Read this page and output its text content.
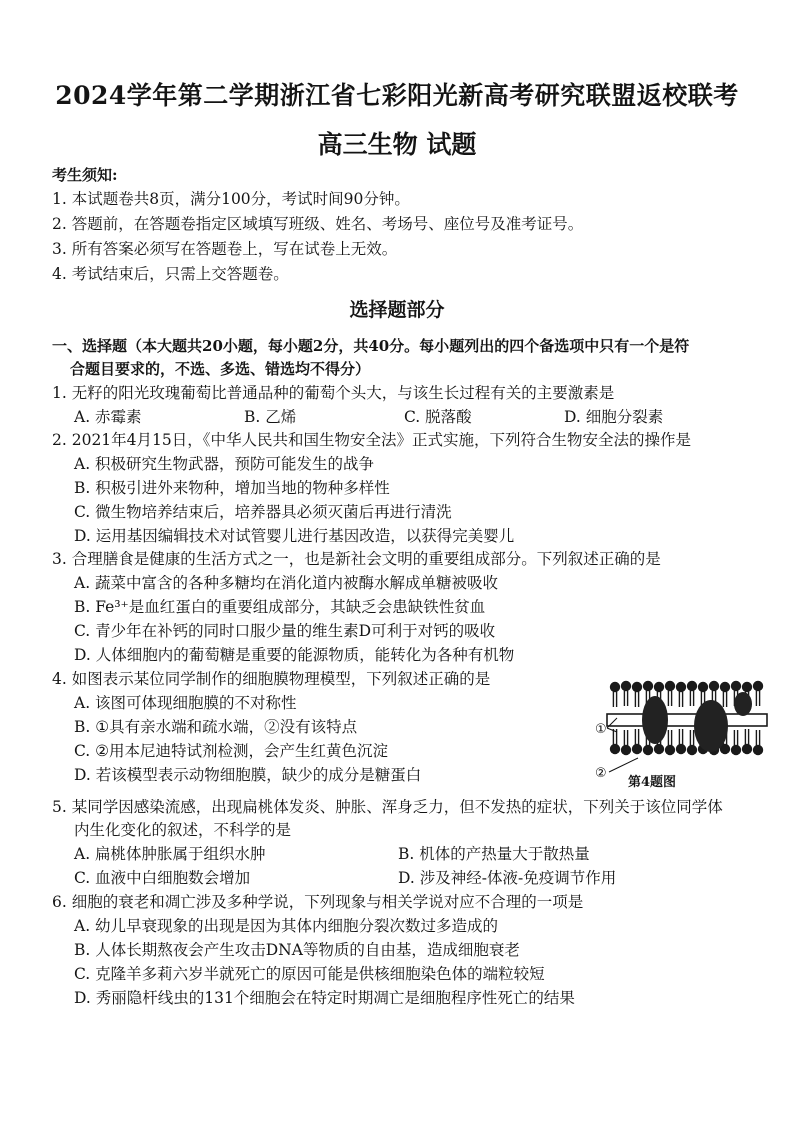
2024学年第二学期浙江省七彩阳光新高考研究联盟返校联考
高三生物 试题
考生须知:
1. 本试题卷共8页，满分100分，考试时间90分钟。
2. 答题前，在答题卷指定区域填写班级、姓名、考场号、座位号及准考证号。
3. 所有答案必须写在答题卷上，写在试卷上无效。
4. 考试结束后，只需上交答题卷。
选择题部分
一、选择题（本大题共20小题，每小题2分，共40分。每小题列出的四个备选项中只有一个是符
合题目要求的，不选、多选、错选均不得分）
1. 无籽的阳光玫瑰葡萄比普通品种的葡萄个头大，与该生长过程有关的主要激素是
A. 赤霉素	B. 乙烯	C. 脱落酸	D. 细胞分裂素
2. 2021年4月15日，《中华人民共和国生物安全法》正式实施，下列符合生物安全法的操作是
A. 积极研究生物武器，预防可能发生的战争
B. 积极引进外来物种，增加当地的物种多样性
C. 微生物培养结束后，培养器具必须灭菌后再进行清洗
D. 运用基因编辑技术对试管婴儿进行基因改造，以获得完美婴儿
3. 合理膳食是健康的生活方式之一，也是新社会文明的重要组成部分。下列叙述正确的是
A. 蔬菜中富含的各种多糖均在消化道内被酶水解成单糖被吸收
B. Fe³⁺是血红蛋白的重要组成部分，其缺乏会患缺铁性贫血
C. 青少年在补钙的同时口服少量的维生素D可利于对钙的吸收
D. 人体细胞内的葡萄糖是重要的能源物质，能转化为各种有机物
4. 如图表示某位同学制作的细胞膜物理模型，下列叙述正确的是
A. 该图可体现细胞膜的不对称性
B. ①具有亲水端和疏水端，②没有该特点
C. ②用本尼迪特试剂检测，会产生红黄色沉淀
D. 若该模型表示动物细胞膜，缺少的成分是糖蛋白
①
②
第4题图
5. 某同学因感染流感，出现扁桃体发炎、肿胀、浑身乏力，但不发热的症状，下列关于该位同学体
内生化变化的叙述，不科学的是
A. 扁桃体肿胀属于组织水肿	B. 机体的产热量大于散热量
C. 血液中白细胞数会增加	D. 涉及神经-体液-免疫调节作用
6. 细胞的衰老和凋亡涉及多种学说，下列现象与相关学说对应不合理的一项是
A. 幼儿早衰现象的出现是因为其体内细胞分裂次数过多造成的
B. 人体长期熬夜会产生攻击DNA等物质的自由基，造成细胞衰老
C. 克隆羊多莉六岁半就死亡的原因可能是供核细胞染色体的端粒较短
D. 秀丽隐杆线虫的131个细胞会在特定时期凋亡是细胞程序性死亡的结果
